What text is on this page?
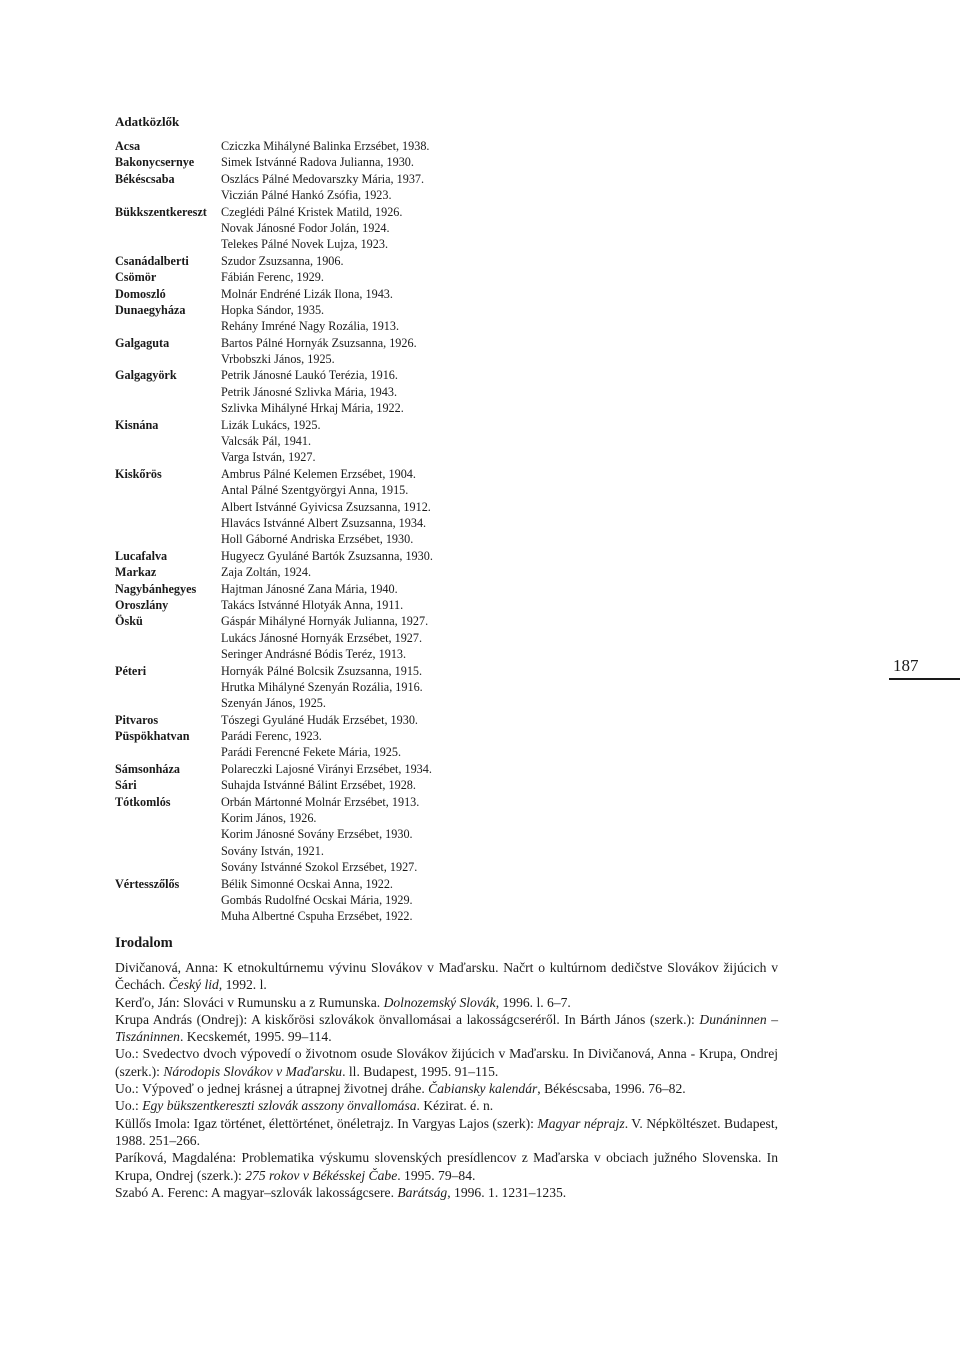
Adatközlők
Acsa	Cziczka Mihályné Balinka Erzsébet, 1938.
Bakonycsernye	Simek Istvánné Radova Julianna, 1930.
Békéscsaba	Oszlács Pálné Medovarszky Mária, 1937.
Viczián Pálné Hankó Zsófia, 1923.
Bükkszentkereszt	Czeglédi Pálné Kristek Matild, 1926.
Novak Jánosné Fodor Jolán, 1924.
Telekes Pálné Novek Lujza, 1923.
Csanádalberti	Szudor Zsuzsanna, 1906.
Csömör	Fábián Ferenc, 1929.
Domoszló	Molnár Endréné Lizák Ilona, 1943.
Dunaegyháza	Hopka Sándor, 1935.
Rehány Imréné Nagy Rozália, 1913.
Galgaguta	Bartos Pálné Hornyák Zsuzsanna, 1926.
Vrbobszki János, 1925.
Galgagyörk	Petrik Jánosné Laukó Terézia, 1916.
Petrik Jánosné Szlivka Mária, 1943.
Szlivka Mihályné Hrkaj Mária, 1922.
Kisnána	Lizák Lukács, 1925.
Valcsák Pál, 1941.
Varga István, 1927.
Kiskőrös	Ambrus Pálné Kelemen Erzsébet, 1904.
Antal Pálné Szentgyörgyi Anna, 1915.
Albert Istvánné Gyivicsa Zsuzsanna, 1912.
Hlavács Istvánné Albert Zsuzsanna, 1934.
Holl Gáborné Andriska Erzsébet, 1930.
Lucafalva	Hugyecz Gyuláné Bartók Zsuzsanna, 1930.
Markaz	Zaja Zoltán, 1924.
Nagybánhegyes	Hajtman Jánosné Zana Mária, 1940.
Oroszlány	Takács Istvánné Hlotyák Anna, 1911.
Öskü	Gáspár Mihályné Hornyák Julianna, 1927.
Lukács Jánosné Hornyák Erzsébet, 1927.
Seringer Andrásné Bódis Teréz, 1913.
Péteri	Hornyák Pálné Bolcsik Zsuzsanna, 1915.
Hrutka Mihályné Szenyán Rozália, 1916.
Szenyán János, 1925.
Pitvaros	Tószegi Gyuláné Hudák Erzsébet, 1930.
Püspökhatvan	Parádi Ferenc, 1923.
Parádi Ferencné Fekete Mária, 1925.
Sámsonháza	Polareczki Lajosné Virányi Erzsébet, 1934.
Sári	Suhajda Istvánné Bálint Erzsébet, 1928.
Tótkomlós	Orbán Mártonné Molnár Erzsébet, 1913.
Korim János, 1926.
Korim Jánosné Sovány Erzsébet, 1930.
Sovány István, 1921.
Sovány Istvánné Szokol Erzsébet, 1927.
Vértesszőlős	Bélik Simonné Ocskai Anna, 1922.
Gombás Rudolfné Ocskai Mária, 1929.
Muha Albertné Cspuha Erzsébet, 1922.
187
Irodalom

Divičanová, Anna: K etnokultúrnemu vývinu Slovákov v Maďarsku. Načrt o kultúrnom dedičstve Slovákov žijúcich v Čechách. Český lid, 1992. l.

Kerďo, Ján: Slováci v Rumunsku a z Rumunska. Dolnozemský Slovák, 1996. l. 6–7.

Krupa András (Ondrej): A kiskőrösi szlovákok önvallomásai a lakosságcseréről. In Bárth János (szerk.): Dunáninnen – Tiszáninnen. Kecskemét, 1995. 99–114.

Uo.: Svedectvo dvoch výpovedí o životnom osude Slovákov žijúcich v Maďarsku. In Divičanová, Anna - Krupa, Ondrej (szerk.): Národopis Slovákov v Maďarsku. ll. Budapest, 1995. 91–115.

Uo.: Výpoveď o jednej krásnej a útrapnej životnej dráhe. Čabiansky kalendár, Békéscsaba, 1996. 76–82.

Uo.: Egy bükszentkereszti szlovák asszony önvallomása. Kézirat. é. n.

Küllős Imola: Igaz történet, élettörténet, önéletrajz. In Vargyas Lajos (szerk): Magyar néprajz. V. Népköltészet. Budapest, 1988. 251–266.

Paríková, Magdaléna: Problematika výskumu slovenských presídlencov z Maďarska v obciach južného Slovenska. In Krupa, Ondrej (szerk.): 275 rokov v Békésskej Čabe. 1995. 79–84.

Szabó A. Ferenc: A magyar–szlovák lakosságcsere. Barátság, 1996. 1. 1231–1235.
